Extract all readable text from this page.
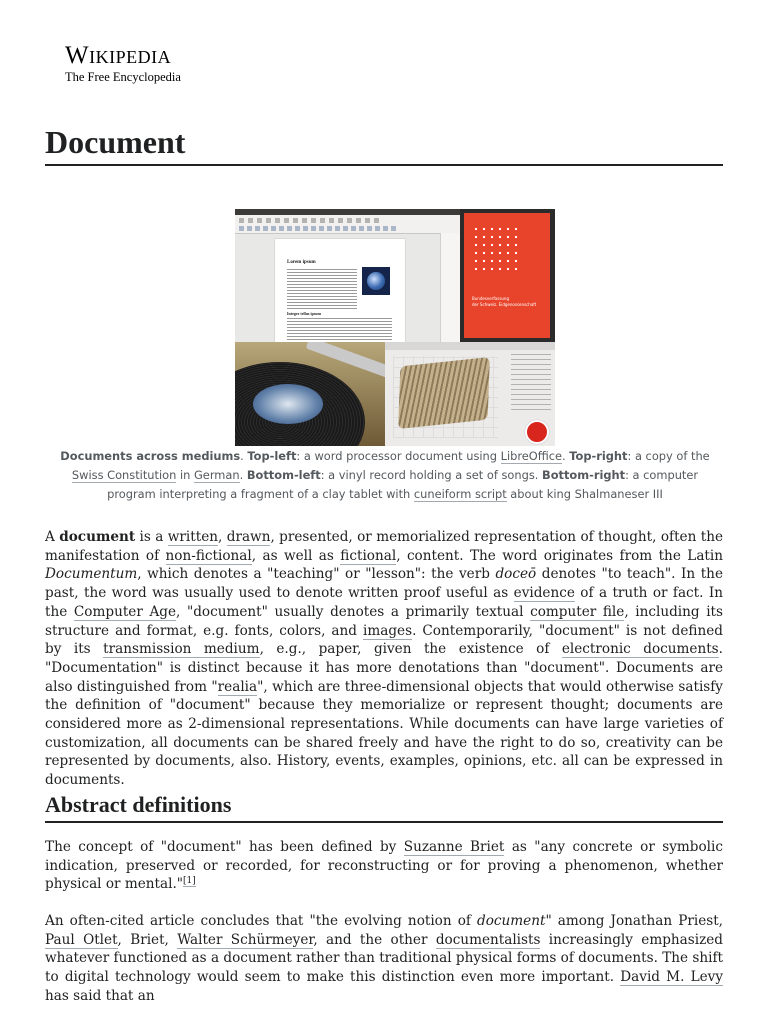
Wikipedia
The Free Encyclopedia
Document
Lorem ipsum
Integer tellus ipsum
Bundesverfassung
der Schweiz. Eidgenossenschaft
Documents across mediums. Top-left: a word processor document using LibreOffice. Top-right: a copy of the Swiss Constitution in German. Bottom-left: a vinyl record holding a set of songs. Bottom-right: a computer program interpreting a fragment of a clay tablet with cuneiform script about king Shalmaneser III

A document is a written, drawn, presented, or memorialized representation of thought, often the manifestation of non-fictional, as well as fictional, content. The word originates from the Latin Documentum, which denotes a "teaching" or "lesson": the verb doceō denotes "to teach". In the past, the word was usually used to denote written proof useful as evidence of a truth or fact. In the Computer Age, "document" usually denotes a primarily textual computer file, including its structure and format, e.g. fonts, colors, and images. Contemporarily, "document" is not defined by its transmission medium, e.g., paper, given the existence of electronic documents. "Documentation" is distinct because it has more denotations than "document". Documents are also distinguished from "realia", which are three-dimensional objects that would otherwise satisfy the definition of "document" because they memorialize or represent thought; documents are considered more as 2-dimensional representations. While documents can have large varieties of customization, all documents can be shared freely and have the right to do so, creativity can be represented by documents, also. History, events, examples, opinions, etc. all can be expressed in documents.

Abstract definitions

The concept of "document" has been defined by Suzanne Briet as "any concrete or symbolic indication, preserved or recorded, for reconstructing or for proving a phenomenon, whether physical or mental."[1]

An often-cited article concludes that "the evolving notion of document" among Jonathan Priest, Paul Otlet, Briet, Walter Schürmeyer, and the other documentalists increasingly emphasized whatever functioned as a document rather than traditional physical forms of documents. The shift to digital technology would seem to make this distinction even more important. David M. Levy has said that an
